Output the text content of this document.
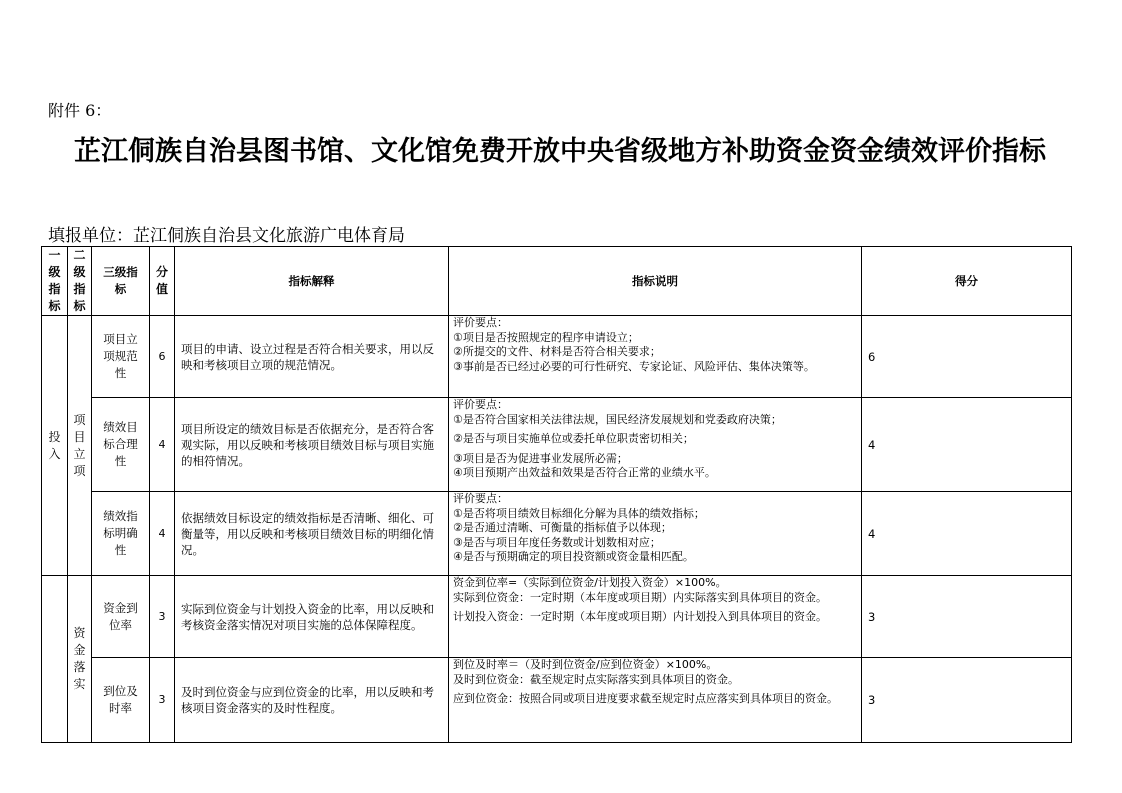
附件 6：
芷江侗族自治县图书馆、文化馆免费开放中央省级地方补助资金资金绩效评价指标
填报单位：芷江侗族自治县文化旅游广电体育局
一级指标	二级指标	三级指标	分值	指标解释	指标说明	得分

投入	项目立项	项目立项规范性	6	项目的申请、设立过程是否符合相关要求，用以反映和考核项目立项的规范情况。	评价要点：
①项目是否按照规定的程序申请设立；
②所提交的文件、材料是否符合相关要求；
③事前是否已经过必要的可行性研究、专家论证、风险评估、集体决策等。	6
		绩效目标合理性	4	项目所设定的绩效目标是否依据充分，是否符合客观实际，用以反映和考核项目绩效目标与项目实施的相符情况。	评价要点：
①是否符合国家相关法律法规，国民经济发展规划和党委政府决策；
②是否与项目实施单位或委托单位职责密切相关；
③项目是否为促进事业发展所必需；
④项目预期产出效益和效果是否符合正常的业绩水平。	4
		绩效指标明确性	4	依据绩效目标设定的绩效指标是否清晰、细化、可衡量等，用以反映和考核项目绩效目标的明细化情况。	评价要点：
①是否将项目绩效目标细化分解为具体的绩效指标；
②是否通过清晰、可衡量的指标值予以体现；
③是否与项目年度任务数或计划数相对应；
④是否与预期确定的项目投资额或资金量相匹配。	4

	资金落实	资金到位率	3	实际到位资金与计划投入资金的比率，用以反映和考核资金落实情况对项目实施的总体保障程度。	资金到位率=（实际到位资金/计划投入资金）×100%。
实际到位资金：一定时期（本年度或项目期）内实际落实到具体项目的资金。
计划投入资金：一定时期（本年度或项目期）内计划投入到具体项目的资金。	3
		到位及时率	3	及时到位资金与应到位资金的比率，用以反映和考核项目资金落实的及时性程度。	到位及时率＝（及时到位资金/应到位资金）×100%。
及时到位资金：截至规定时点实际落实到具体项目的资金。
应到位资金：按照合同或项目进度要求截至规定时点应落实到具体项目的资金。	3
